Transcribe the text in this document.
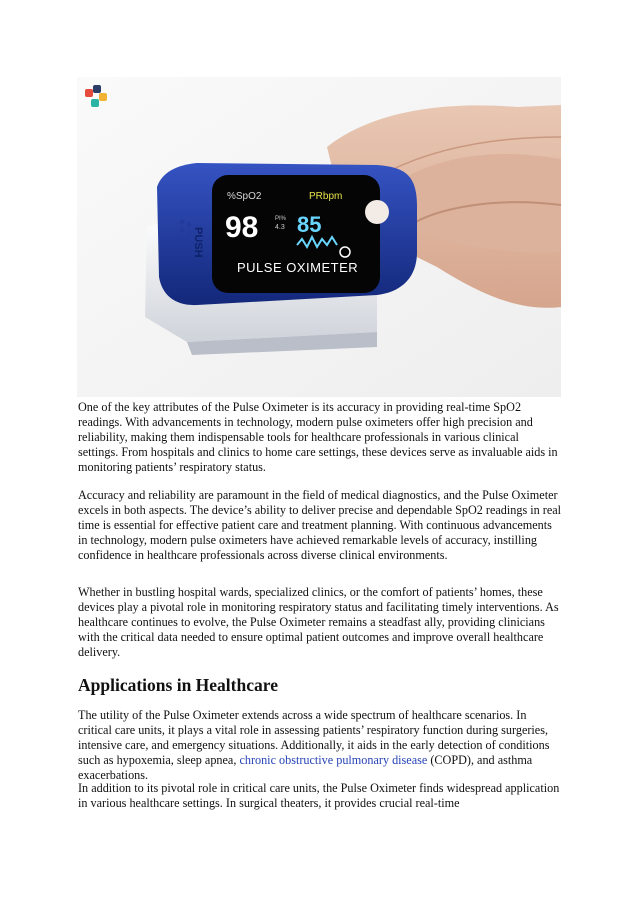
%SpO2	PRbpm
98	PI%
4.3 85
PULSE OXIMETER
PUSH

One of the key attributes of the Pulse Oximeter is its accuracy in providing real-time SpO2 readings. With advancements in technology, modern pulse oximeters offer high precision and reliability, making them indispensable tools for healthcare professionals in various clinical settings. From hospitals and clinics to home care settings, these devices serve as invaluable aids in monitoring patients’ respiratory status.

Accuracy and reliability are paramount in the field of medical diagnostics, and the Pulse Oximeter excels in both aspects. The device’s ability to deliver precise and dependable SpO2 readings in real time is essential for effective patient care and treatment planning. With continuous advancements in technology, modern pulse oximeters have achieved remarkable levels of accuracy, instilling confidence in healthcare professionals across diverse clinical environments.

Whether in bustling hospital wards, specialized clinics, or the comfort of patients’ homes, these devices play a pivotal role in monitoring respiratory status and facilitating timely interventions. As healthcare continues to evolve, the Pulse Oximeter remains a steadfast ally, providing clinicians with the critical data needed to ensure optimal patient outcomes and improve overall healthcare delivery.

Applications in Healthcare

The utility of the Pulse Oximeter extends across a wide spectrum of healthcare scenarios. In critical care units, it plays a vital role in assessing patients’ respiratory function during surgeries, intensive care, and emergency situations. Additionally, it aids in the early detection of conditions such as hypoxemia, sleep apnea, chronic obstructive pulmonary disease (COPD), and asthma exacerbations.

In addition to its pivotal role in critical care units, the Pulse Oximeter finds widespread application in various healthcare settings. In surgical theaters, it provides crucial real-time
